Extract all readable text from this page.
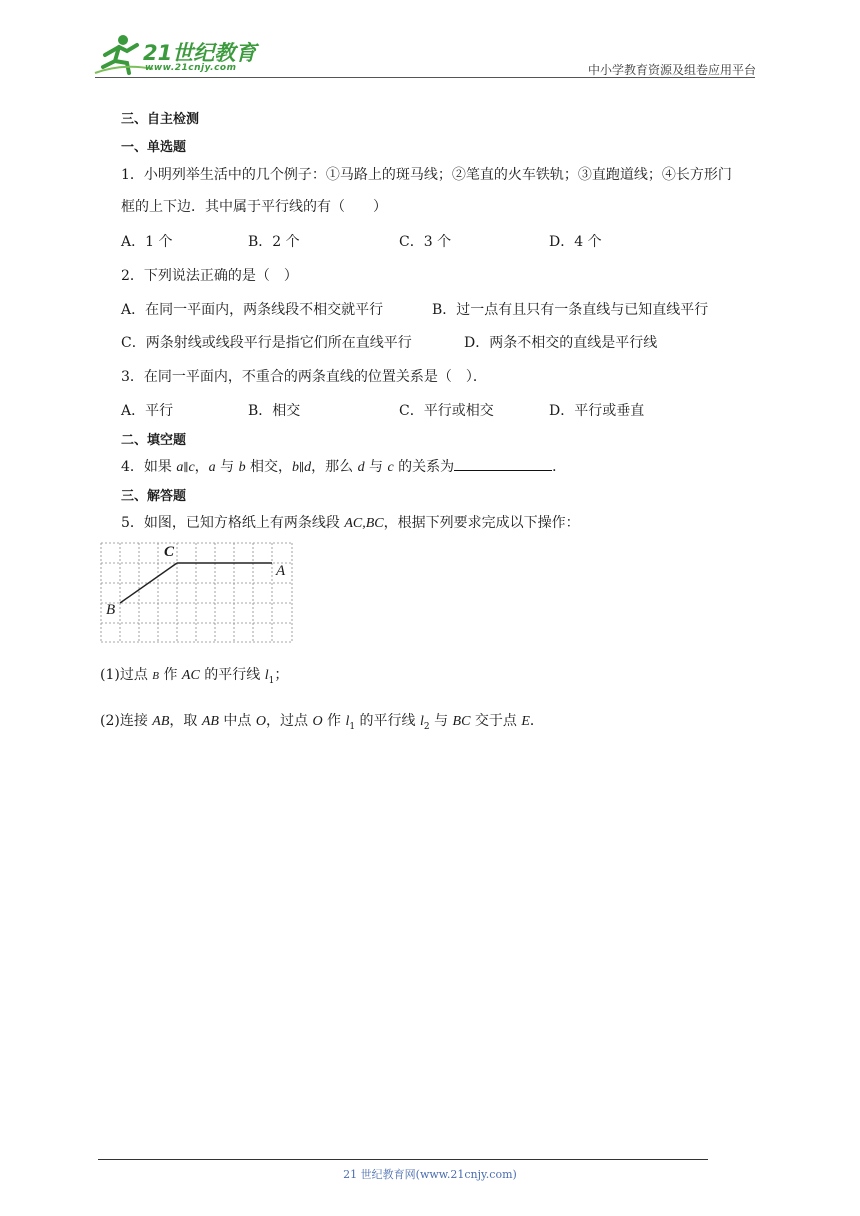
21世纪教育
www.21cnjy.com	中小学教育资源及组卷应用平台
三、自主检测
一、单选题
1．小明列举生活中的几个例子：①马路上的斑马线；②笔直的火车铁轨；③直跑道线；④长方形门
框的上下边．其中属于平行线的有（　　）
A．1 个	B．2 个	C．3 个	D．4 个
2．下列说法正确的是（　）
A．在同一平面内，两条线段不相交就平行	B．过一点有且只有一条直线与已知直线平行
C．两条射线或线段平行是指它们所在直线平行	D．两条不相交的直线是平行线
3．在同一平面内，不重合的两条直线的位置关系是（　）．
A．平行	B．相交	C．平行或相交	D．平行或垂直
二、填空题
4．如果 a∥c，a 与 b 相交，b∥d，那么 d 与 c 的关系为	．
三、解答题
5．如图，已知方格纸上有两条线段 AC,BC，根据下列要求完成以下操作：
C
A
B
(1)过点 B 作 AC 的平行线 $l_1$；
(2)连接 AB，取 AB 中点 O，过点 O 作 $l_1$ 的平行线 $l_2$ 与 BC 交于点 E．
21 世纪教育网(www.21cnjy.com)
